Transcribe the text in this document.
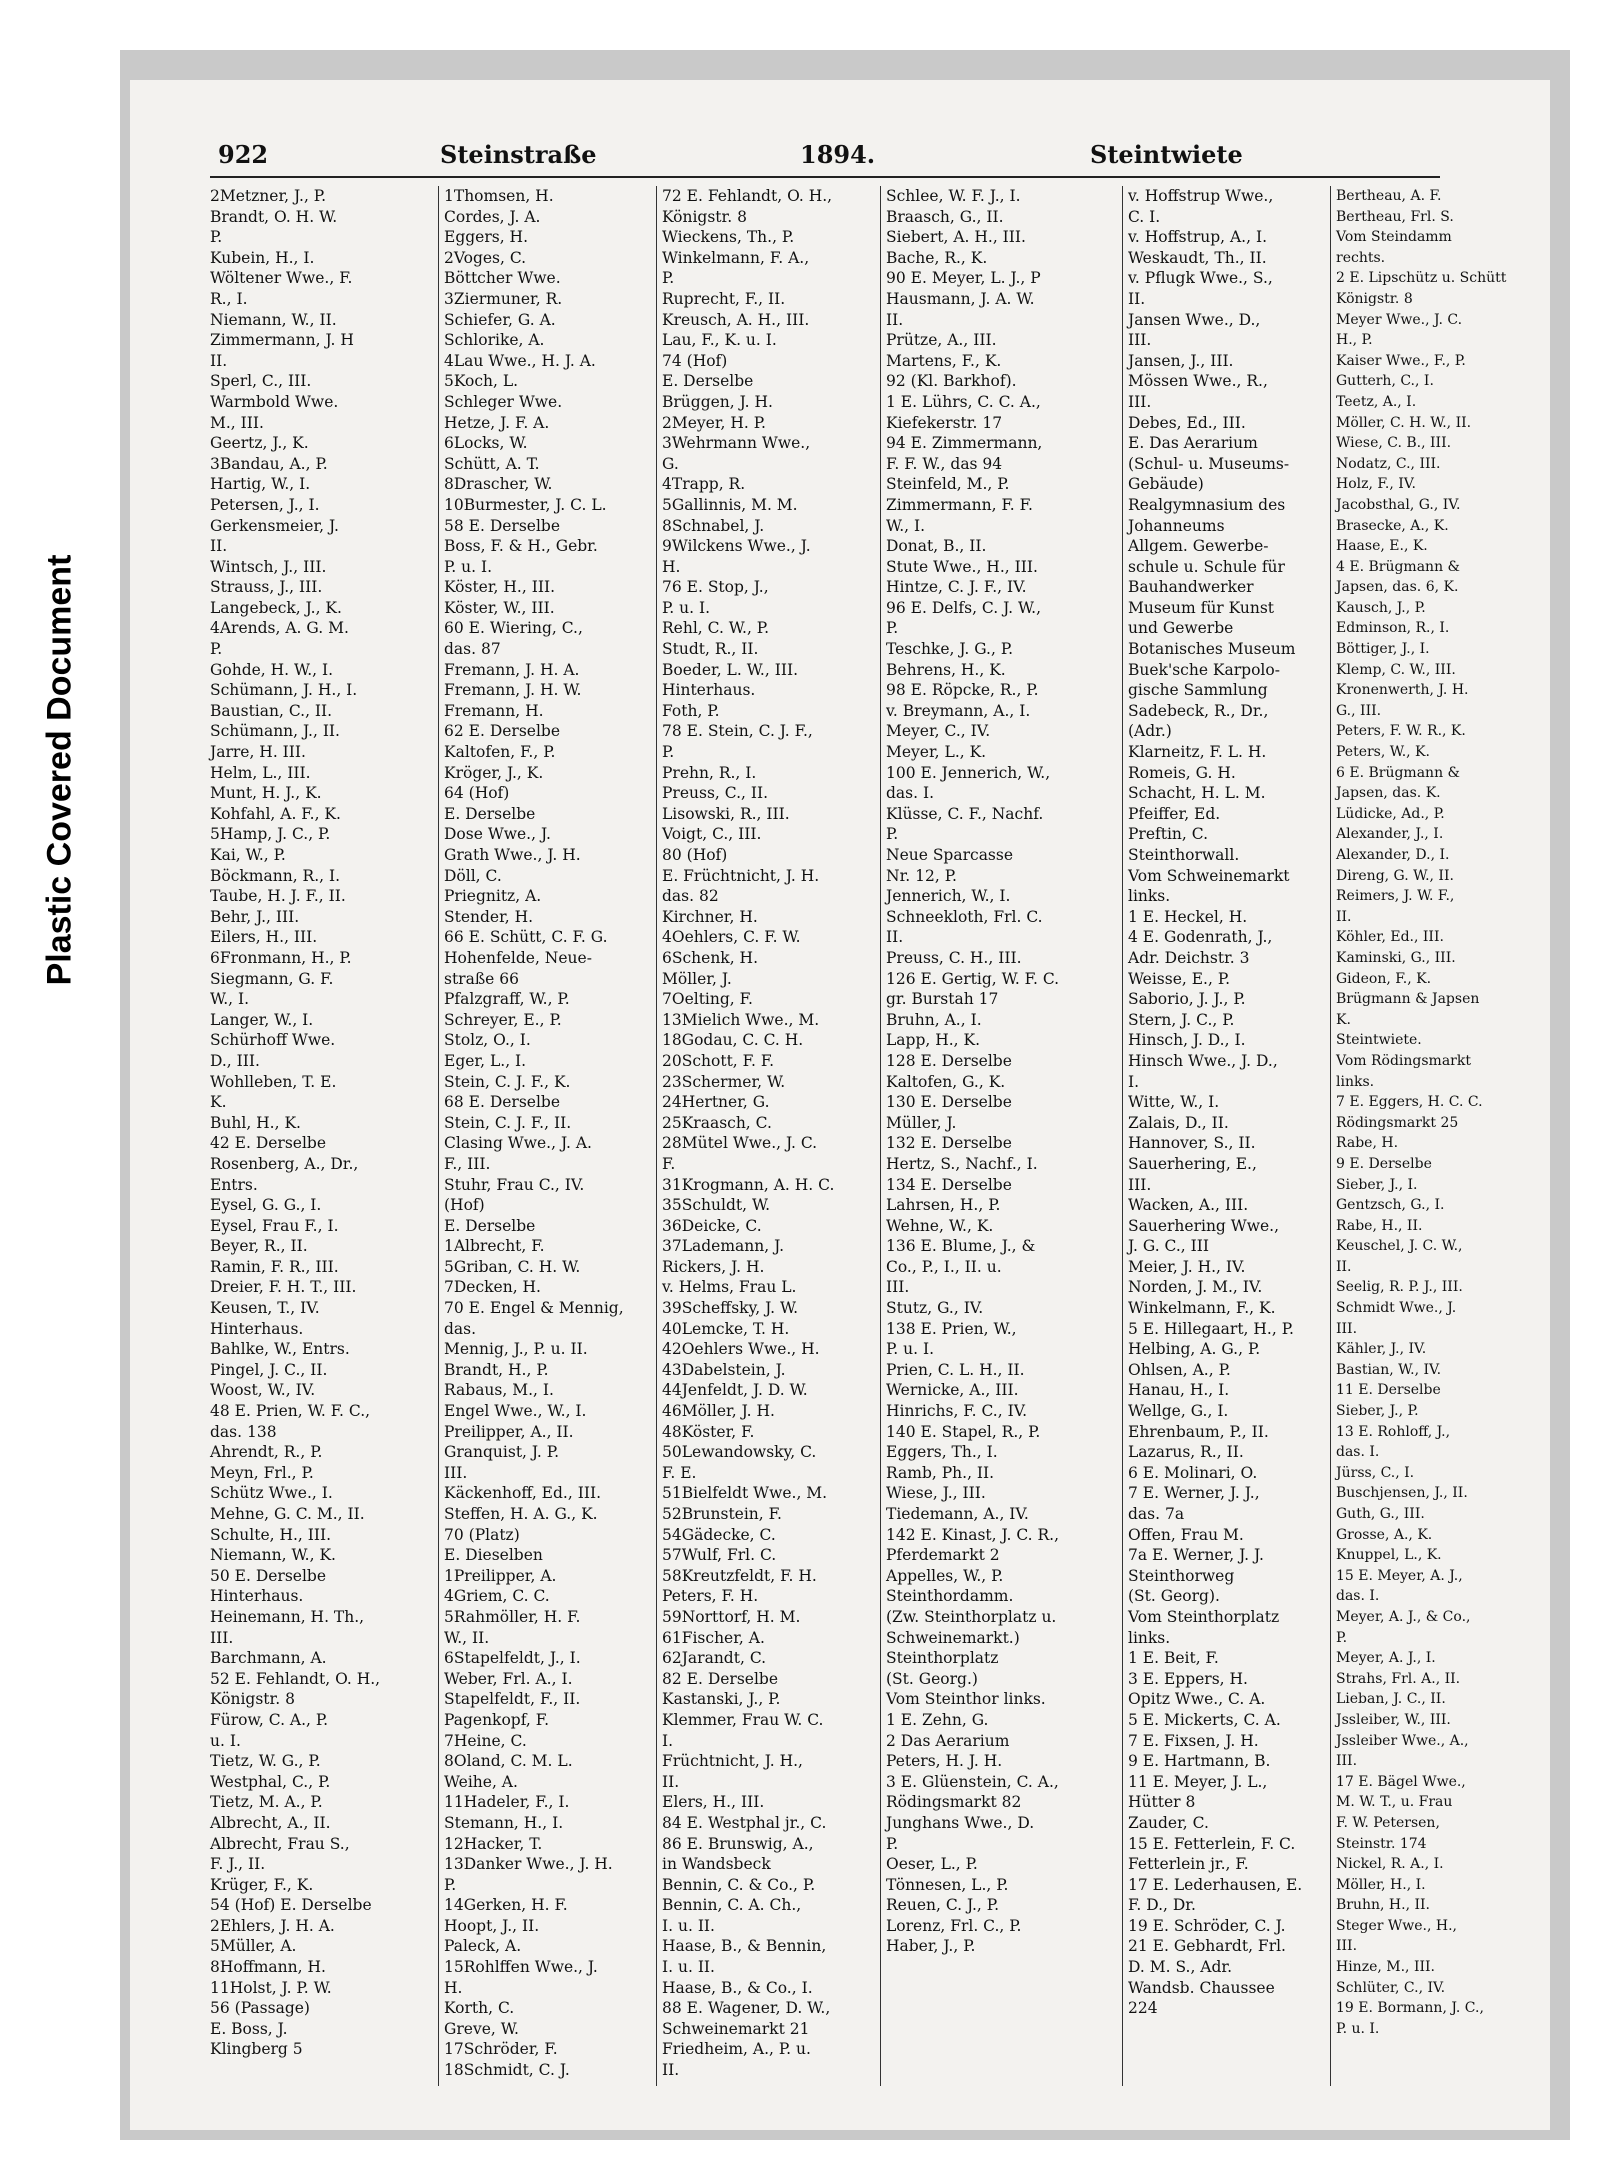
Plastic Covered Document
922	Steinstraße	1894.	Steintwiete
2Metzner, J., P.
Brandt, O. H. W.
P.
Kubein, H., I.
Wöltener Wwe., F.
R., I.
Niemann, W., II.
Zimmermann, J. H
II.
Sperl, C., III.
Warmbold Wwe.
M., III.
Geertz, J., K.
3Bandau, A., P.
Hartig, W., I.
Petersen, J., I.
Gerkensmeier, J.
II.
Wintsch, J., III.
Strauss, J., III.
Langebeck, J., K.
4Arends, A. G. M.
P.
Gohde, H. W., I.
Schümann, J. H., I.
Baustian, C., II.
Schümann, J., II.
Jarre, H. III.
Helm, L., III.
Munt, H. J., K.
Kohfahl, A. F., K.
5Hamp, J. C., P.
Kai, W., P.
Böckmann, R., I.
Taube, H. J. F., II.
Behr, J., III.
Eilers, H., III.
6Fronmann, H., P.
Siegmann, G. F.
W., I.
Langer, W., I.
Schürhoff Wwe.
D., III.
Wohlleben, T. E.
K.
Buhl, H., K.
42 E. Derselbe
Rosenberg, A., Dr.,
Entrs.
Eysel, G. G., I.
Eysel, Frau F., I.
Beyer, R., II.
Ramin, F. R., III.
Dreier, F. H. T., III.
Keusen, T., IV.
Hinterhaus.
Bahlke, W., Entrs.
Pingel, J. C., II.
Woost, W., IV.
48 E. Prien, W. F. C.,
das. 138
Ahrendt, R., P.
Meyn, Frl., P.
Schütz Wwe., I.
Mehne, G. C. M., II.
Schulte, H., III.
Niemann, W., K.
50 E. Derselbe
Hinterhaus.
Heinemann, H. Th.,
III.
Barchmann, A.
52 E. Fehlandt, O. H.,
Königstr. 8
Fürow, C. A., P.
u. I.
Tietz, W. G., P.
Westphal, C., P.
Tietz, M. A., P.
Albrecht, A., II.
Albrecht, Frau S.,
F. J., II.
Krüger, F., K.
54 (Hof) E. Derselbe
2Ehlers, J. H. A.
5Müller, A.
8Hoffmann, H.
11Holst, J. P. W.
56 (Passage)
E. Boss, J.
Klingberg 5
1Thomsen, H.
Cordes, J. A.
Eggers, H.
2Voges, C.
Böttcher Wwe.
3Ziermuner, R.
Schiefer, G. A.
Schlorike, A.
4Lau Wwe., H. J. A.
5Koch, L.
Schleger Wwe.
Hetze, J. F. A.
6Locks, W.
Schütt, A. T.
8Drascher, W.
10Burmester, J. C. L.
58 E. Derselbe
Boss, F. & H., Gebr.
P. u. I.
Köster, H., III.
Köster, W., III.
60 E. Wiering, C.,
das. 87
Fremann, J. H. A.
Fremann, J. H. W.
Fremann, H.
62 E. Derselbe
Kaltofen, F., P.
Kröger, J., K.
64 (Hof)
E. Derselbe
Dose Wwe., J.
Grath Wwe., J. H.
Döll, C.
Priegnitz, A.
Stender, H.
66 E. Schütt, C. F. G.
Hohenfelde, Neue-
straße 66
Pfalzgraff, W., P.
Schreyer, E., P.
Stolz, O., I.
Eger, L., I.
Stein, C. J. F., K.
68 E. Derselbe
Stein, C. J. F., II.
Clasing Wwe., J. A.
F., III.
Stuhr, Frau C., IV.
(Hof)
E. Derselbe
1Albrecht, F.
5Griban, C. H. W.
7Decken, H.
70 E. Engel & Mennig,
das.
Mennig, J., P. u. II.
Brandt, H., P.
Rabaus, M., I.
Engel Wwe., W., I.
Preilipper, A., II.
Granquist, J. P.
III.
Käckenhoff, Ed., III.
Steffen, H. A. G., K.
70 (Platz)
E. Dieselben
1Preilipper, A.
4Griem, C. C.
5Rahmöller, H. F.
W., II.
6Stapelfeldt, J., I.
Weber, Frl. A., I.
Stapelfeldt, F., II.
Pagenkopf, F.
7Heine, C.
8Oland, C. M. L.
Weihe, A.
11Hadeler, F., I.
Stemann, H., I.
12Hacker, T.
13Danker Wwe., J. H.
P.
14Gerken, H. F.
Hoopt, J., II.
Paleck, A.
15Rohlffen Wwe., J.
H.
Korth, C.
Greve, W.
17Schröder, F.
18Schmidt, C. J.
72 E. Fehlandt, O. H.,
Königstr. 8
Wieckens, Th., P.
Winkelmann, F. A.,
P.
Ruprecht, F., II.
Kreusch, A. H., III.
Lau, F., K. u. I.
74 (Hof)
E. Derselbe
Brüggen, J. H.
2Meyer, H. P.
3Wehrmann Wwe.,
G.
4Trapp, R.
5Gallinnis, M. M.
8Schnabel, J.
9Wilckens Wwe., J.
H.
76 E. Stop, J.,
P. u. I.
Rehl, C. W., P.
Studt, R., II.
Boeder, L. W., III.
Hinterhaus.
Foth, P.
78 E. Stein, C. J. F.,
P.
Prehn, R., I.
Preuss, C., II.
Lisowski, R., III.
Voigt, C., III.
80 (Hof)
E. Früchtnicht, J. H.
das. 82
Kirchner, H.
4Oehlers, C. F. W.
6Schenk, H.
Möller, J.
7Oelting, F.
13Mielich Wwe., M.
18Godau, C. C. H.
20Schott, F. F.
23Schermer, W.
24Hertner, G.
25Kraasch, C.
28Mütel Wwe., J. C.
F.
31Krogmann, A. H. C.
35Schuldt, W.
36Deicke, C.
37Lademann, J.
Rickers, J. H.
v. Helms, Frau L.
39Scheffsky, J. W.
40Lemcke, T. H.
42Oehlers Wwe., H.
43Dabelstein, J.
44Jenfeldt, J. D. W.
46Möller, J. H.
48Köster, F.
50Lewandowsky, C.
F. E.
51Bielfeldt Wwe., M.
52Brunstein, F.
54Gädecke, C.
57Wulf, Frl. C.
58Kreutzfeldt, F. H.
Peters, F. H.
59Norttorf, H. M.
61Fischer, A.
62Jarandt, C.
82 E. Derselbe
Kastanski, J., P.
Klemmer, Frau W. C.
I.
Früchtnicht, J. H.,
II.
Elers, H., III.
84 E. Westphal jr., C.
86 E. Brunswig, A.,
in Wandsbeck
Bennin, C. & Co., P.
Bennin, C. A. Ch.,
I. u. II.
Haase, B., & Bennin,
I. u. II.
Haase, B., & Co., I.
88 E. Wagener, D. W.,
Schweinemarkt 21
Friedheim, A., P. u.
II.
Schlee, W. F. J., I.
Braasch, G., II.
Siebert, A. H., III.
Bache, R., K.
90 E. Meyer, L. J., P
Hausmann, J. A. W.
II.
Prütze, A., III.
Martens, F., K.
92 (Kl. Barkhof).
1 E. Lührs, C. C. A.,
Kiefekerstr. 17
94 E. Zimmermann,
F. F. W., das 94
Steinfeld, M., P.
Zimmermann, F. F.
W., I.
Donat, B., II.
Stute Wwe., H., III.
Hintze, C. J. F., IV.
96 E. Delfs, C. J. W.,
P.
Teschke, J. G., P.
Behrens, H., K.
98 E. Röpcke, R., P.
v. Breymann, A., I.
Meyer, C., IV.
Meyer, L., K.
100 E. Jennerich, W.,
das. I.
Klüsse, C. F., Nachf.
P.
Neue Sparcasse
Nr. 12, P.
Jennerich, W., I.
Schneekloth, Frl. C.
II.
Preuss, C. H., III.
126 E. Gertig, W. F. C.
gr. Burstah 17
Bruhn, A., I.
Lapp, H., K.
128 E. Derselbe
Kaltofen, G., K.
130 E. Derselbe
Müller, J.
132 E. Derselbe
Hertz, S., Nachf., I.
134 E. Derselbe
Lahrsen, H., P.
Wehne, W., K.
136 E. Blume, J., &
Co., P., I., II. u.
III.
Stutz, G., IV.
138 E. Prien, W.,
P. u. I.
Prien, C. L. H., II.
Wernicke, A., III.
Hinrichs, F. C., IV.
140 E. Stapel, R., P.
Eggers, Th., I.
Ramb, Ph., II.
Wiese, J., III.
Tiedemann, A., IV.
142 E. Kinast, J. C. R.,
Pferdemarkt 2
Appelles, W., P.
Steinthordamm.
(Zw. Steinthorplatz u.
Schweinemarkt.)
Steinthorplatz
(St. Georg.)
Vom Steinthor links.
1 E. Zehn, G.
2 Das Aerarium
Peters, H. J. H.
3 E. Glüenstein, C. A.,
Rödingsmarkt 82
Junghans Wwe., D.
P.
Oeser, L., P.
Tönnesen, L., P.
Reuen, C. J., P.
Lorenz, Frl. C., P.
Haber, J., P.
v. Hoffstrup Wwe.,
C. I.
v. Hoffstrup, A., I.
Weskaudt, Th., II.
v. Pflugk Wwe., S.,
II.
Jansen Wwe., D.,
III.
Jansen, J., III.
Mössen Wwe., R.,
III.
Debes, Ed., III.
E. Das Aerarium
(Schul- u. Museums-
Gebäude)
Realgymnasium des
Johanneums
Allgem. Gewerbe-
schule u. Schule für
Bauhandwerker
Museum für Kunst
und Gewerbe
Botanisches Museum
Buek'sche Karpolo-
gische Sammlung
Sadebeck, R., Dr.,
(Adr.)
Klarneitz, F. L. H.
Romeis, G. H.
Schacht, H. L. M.
Pfeiffer, Ed.
Preftin, C.
Steinthorwall.
Vom Schweinemarkt
links.
1 E. Heckel, H.
4 E. Godenrath, J.,
Adr. Deichstr. 3
Weisse, E., P.
Saborio, J. J., P.
Stern, J. C., P.
Hinsch, J. D., I.
Hinsch Wwe., J. D.,
I.
Witte, W., I.
Zalais, D., II.
Hannover, S., II.
Sauerhering, E.,
III.
Wacken, A., III.
Sauerhering Wwe.,
J. G. C., III
Meier, J. H., IV.
Norden, J. M., IV.
Winkelmann, F., K.
5 E. Hillegaart, H., P.
Helbing, A. G., P.
Ohlsen, A., P.
Hanau, H., I.
Wellge, G., I.
Ehrenbaum, P., II.
Lazarus, R., II.
6 E. Molinari, O.
7 E. Werner, J. J.,
das. 7a
Offen, Frau M.
7a E. Werner, J. J.
Steinthorweg
(St. Georg).
Vom Steinthorplatz
links.
1 E. Beit, F.
3 E. Eppers, H.
Opitz Wwe., C. A.
5 E. Mickerts, C. A.
7 E. Fixsen, J. H.
9 E. Hartmann, B.
11 E. Meyer, J. L.,
Hütter 8
Zauder, C.
15 E. Fetterlein, F. C.
Fetterlein jr., F.
17 E. Lederhausen, E.
F. D., Dr.
19 E. Schröder, C. J.
21 E. Gebhardt, Frl.
D. M. S., Adr.
Wandsb. Chaussee
224
Bertheau, A. F.
Bertheau, Frl. S.
Vom Steindamm
rechts.
2 E. Lipschütz u. Schütt
Königstr. 8
Meyer Wwe., J. C.
H., P.
Kaiser Wwe., F., P.
Gutterh, C., I.
Teetz, A., I.
Möller, C. H. W., II.
Wiese, C. B., III.
Nodatz, C., III.
Holz, F., IV.
Jacobsthal, G., IV.
Brasecke, A., K.
Haase, E., K.
4 E. Brügmann &
Japsen, das. 6, K.
Kausch, J., P.
Edminson, R., I.
Böttiger, J., I.
Klemp, C. W., III.
Kronenwerth, J. H.
G., III.
Peters, F. W. R., K.
Peters, W., K.
6 E. Brügmann &
Japsen, das. K.
Lüdicke, Ad., P.
Alexander, J., I.
Alexander, D., I.
Direng, G. W., II.
Reimers, J. W. F.,
II.
Köhler, Ed., III.
Kaminski, G., III.
Gideon, F., K.
Brügmann & Japsen
K.
Steintwiete.
Vom Rödingsmarkt
links.
7 E. Eggers, H. C. C.
Rödingsmarkt 25
Rabe, H.
9 E. Derselbe
Sieber, J., I.
Gentzsch, G., I.
Rabe, H., II.
Keuschel, J. C. W.,
II.
Seelig, R. P. J., III.
Schmidt Wwe., J.
III.
Kähler, J., IV.
Bastian, W., IV.
11 E. Derselbe
Sieber, J., P.
13 E. Rohloff, J.,
das. I.
Jürss, C., I.
Buschjensen, J., II.
Guth, G., III.
Grosse, A., K.
Knuppel, L., K.
15 E. Meyer, A. J.,
das. I.
Meyer, A. J., & Co.,
P.
Meyer, A. J., I.
Strahs, Frl. A., II.
Lieban, J. C., II.
Jssleiber, W., III.
Jssleiber Wwe., A.,
III.
17 E. Bägel Wwe.,
M. W. T., u. Frau
F. W. Petersen,
Steinstr. 174
Nickel, R. A., I.
Möller, H., I.
Bruhn, H., II.
Steger Wwe., H.,
III.
Hinze, M., III.
Schlüter, C., IV.
19 E. Bormann, J. C.,
P. u. I.
